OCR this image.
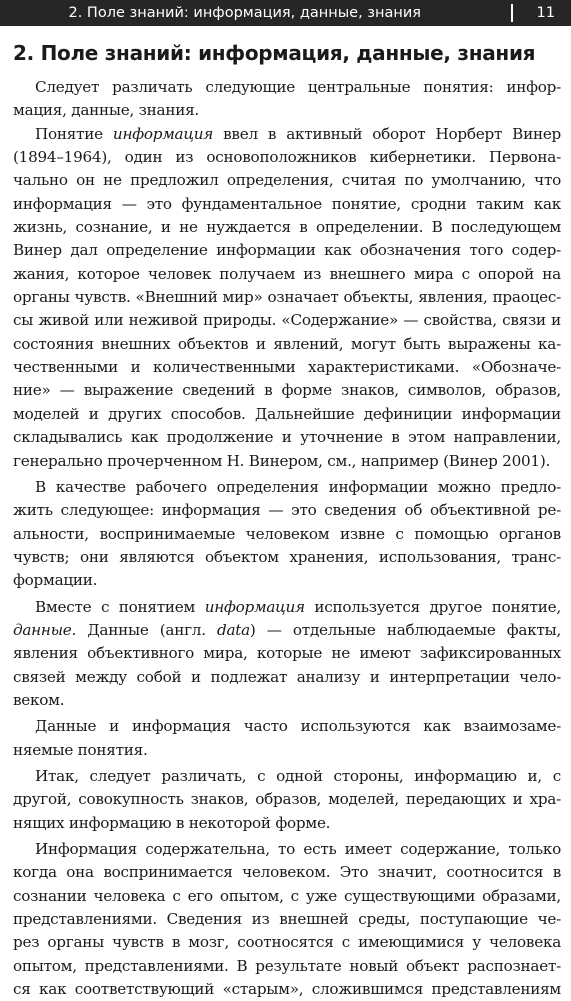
2. Поле знаний: информация, данные, знания	11
2. Поле знаний: информация, данные, знания

Следует различать следующие центральные понятия: инфор-
мация, данные, знания.

Понятие информация ввел в активный оборот Норберт Винер
(1894–1964), один из основоположников кибернетики. Первона-
чально он не предложил определения, считая по умолчанию, что
информация — это фундаментальное понятие, сродни таким как
жизнь, сознание, и не нуждается в определении. В последующем
Винер дал определение информации как обозначения того содер-
жания, которое человек получаем из внешнего мира с опорой на
органы чувств. «Внешний мир» означает объекты, явления, праоцес-
сы живой или неживой природы. «Содержание» — свойства, связи и
состояния внешних объектов и явлений, могут быть выражены ка-
чественными и количественными характеристиками. «Обозначе-
ние» — выражение сведений в форме знаков, символов, образов,
моделей и других способов. Дальнейшие дефиниции информации
складывались как продолжение и уточнение в этом направлении,
генерально прочерченном Н. Винером, см., например (Винер 2001).

В качестве рабочего определения информации можно предло-
жить следующее: информация — это сведения об объективной ре-
альности, воспринимаемые человеком извне с помощью органов
чувств; они являются объектом хранения, использования, транс-
формации.

Вместе с понятием информация используется другое понятие,
данные. Данные (англ. data) — отдельные наблюдаемые факты,
явления объективного мира, которые не имеют зафиксированных
связей между собой и подлежат анализу и интерпретации чело-
веком.

Данные и информация часто используются как взаимозаме-
няемые понятия.

Итак, следует различать, с одной стороны, информацию и, с
другой, совокупность знаков, образов, моделей, передающих и хра-
нящих информацию в некоторой форме.

Информация содержательна, то есть имеет содержание, только
когда она воспринимается человеком. Это значит, соотносится в
сознании человека с его опытом, с уже существующими образами,
представлениями. Сведения из внешней среды, поступающие че-
рез органы чувств в мозг, соотносятся с имеющимися у человека
опытом, представлениями. В результате новый объект распознает-
ся как соответствующий «старым», сложившимся представлениям
